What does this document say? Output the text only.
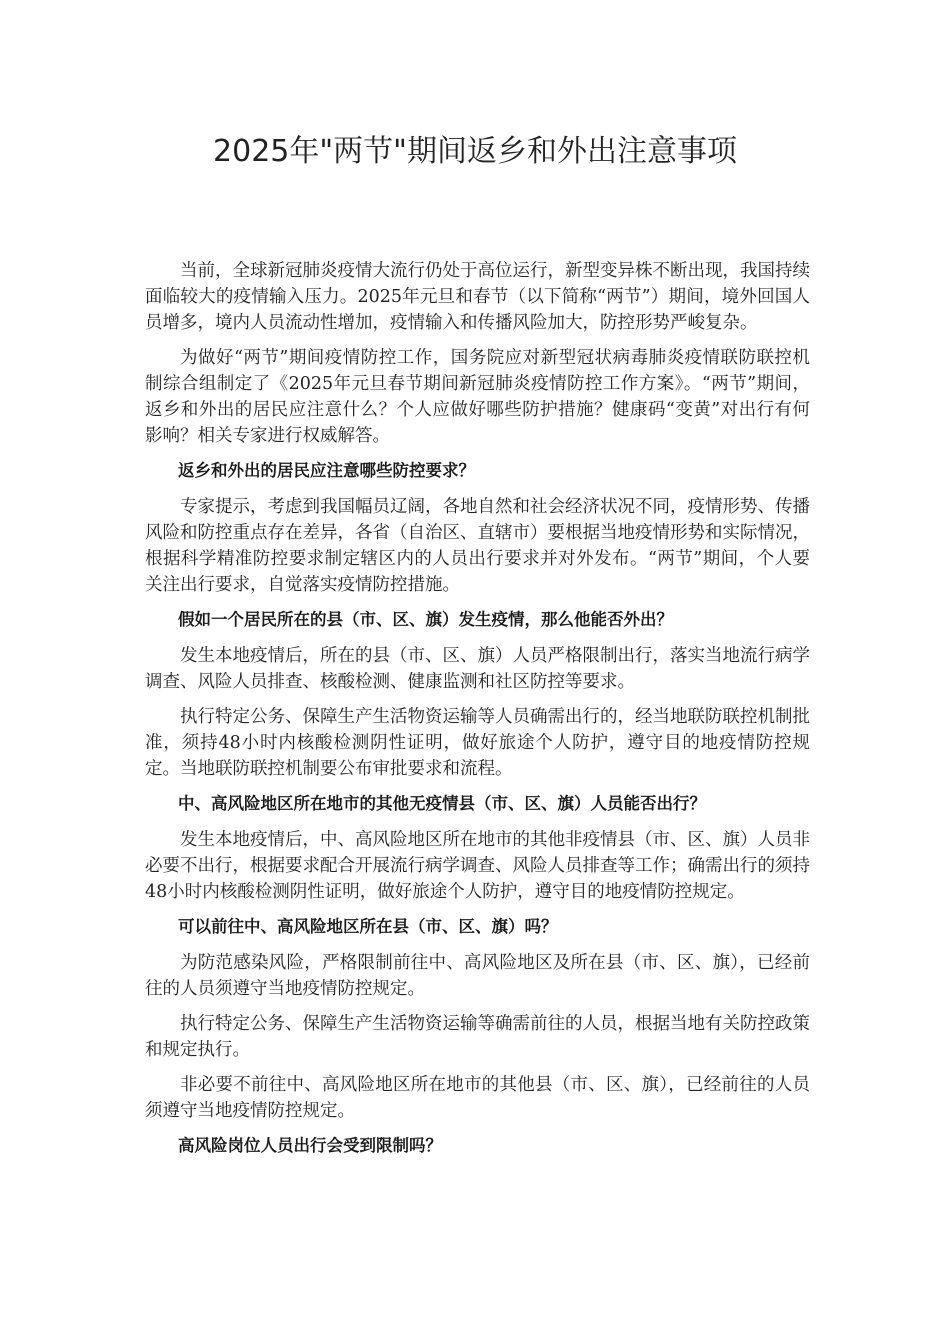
2025年"两节"期间返乡和外出注意事项

当前，全球新冠肺炎疫情大流行仍处于高位运行，新型变异株不断出现，我国持续面临较大的疫情输入压力。2025年元旦和春节（以下简称“两节”）期间，境外回国人员增多，境内人员流动性增加，疫情输入和传播风险加大，防控形势严峻复杂。

为做好“两节”期间疫情防控工作，国务院应对新型冠状病毒肺炎疫情联防联控机制综合组制定了《2025年元旦春节期间新冠肺炎疫情防控工作方案》。“两节”期间，返乡和外出的居民应注意什么？个人应做好哪些防护措施？健康码“变黄”对出行有何影响？相关专家进行权威解答。

返乡和外出的居民应注意哪些防控要求？

专家提示，考虑到我国幅员辽阔，各地自然和社会经济状况不同，疫情形势、传播风险和防控重点存在差异，各省（自治区、直辖市）要根据当地疫情形势和实际情况，根据科学精准防控要求制定辖区内的人员出行要求并对外发布。“两节”期间，个人要关注出行要求，自觉落实疫情防控措施。

假如一个居民所在的县（市、区、旗）发生疫情，那么他能否外出？

发生本地疫情后，所在的县（市、区、旗）人员严格限制出行，落实当地流行病学调查、风险人员排查、核酸检测、健康监测和社区防控等要求。

执行特定公务、保障生产生活物资运输等人员确需出行的，经当地联防联控机制批准，须持48小时内核酸检测阴性证明，做好旅途个人防护，遵守目的地疫情防控规定。当地联防联控机制要公布审批要求和流程。

中、高风险地区所在地市的其他无疫情县（市、区、旗）人员能否出行？

发生本地疫情后，中、高风险地区所在地市的其他非疫情县（市、区、旗）人员非必要不出行，根据要求配合开展流行病学调查、风险人员排查等工作；确需出行的须持48小时内核酸检测阴性证明，做好旅途个人防护，遵守目的地疫情防控规定。

可以前往中、高风险地区所在县（市、区、旗）吗？

为防范感染风险，严格限制前往中、高风险地区及所在县（市、区、旗），已经前往的人员须遵守当地疫情防控规定。

执行特定公务、保障生产生活物资运输等确需前往的人员，根据当地有关防控政策和规定执行。

非必要不前往中、高风险地区所在地市的其他县（市、区、旗），已经前往的人员须遵守当地疫情防控规定。

高风险岗位人员出行会受到限制吗？
